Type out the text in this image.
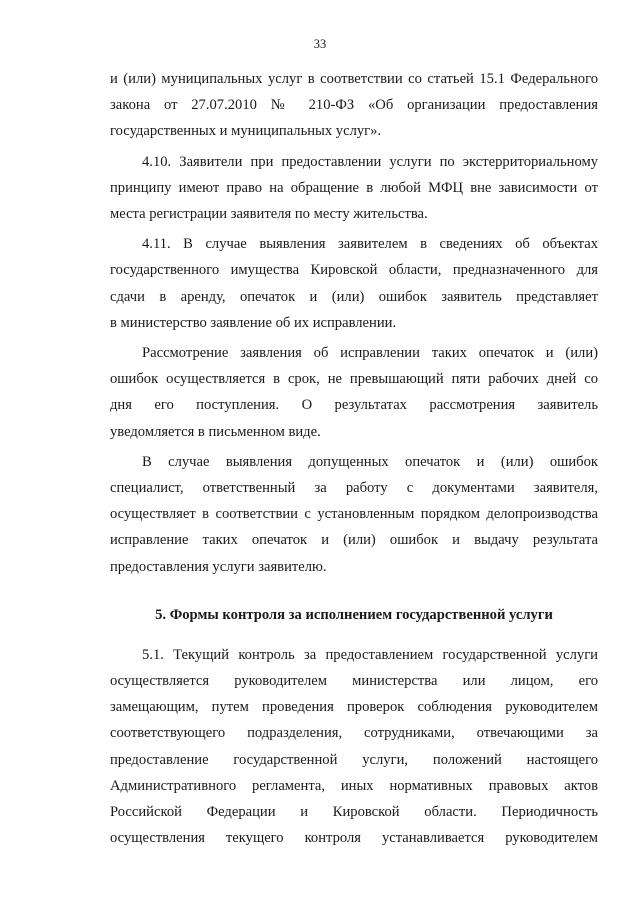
33
и (или) муниципальных услуг в соответствии со статьей 15.1 Федерального
закона от 27.07.2010 № 210-ФЗ «Об организации предоставления
государственных и муниципальных услуг».
4.10. Заявители при предоставлении услуги по экстерриториальному
принципу имеют право на обращение в любой МФЦ вне зависимости от
места регистрации заявителя по месту жительства.
4.11. В случае выявления заявителем в сведениях об объектах
государственного имущества Кировской области, предназначенного для
сдачи в аренду, опечаток и (или) ошибок заявитель представляет
в министерство заявление об их исправлении.
Рассмотрение заявления об исправлении таких опечаток и (или)
ошибок осуществляется в срок, не превышающий пяти рабочих дней со
дня его поступления. О результатах рассмотрения заявитель
уведомляется в письменном виде.
В случае выявления допущенных опечаток и (или) ошибок
специалист, ответственный за работу с документами заявителя,
осуществляет в соответствии с установленным порядком делопроизводства
исправление таких опечаток и (или) ошибок и выдачу результата
предоставления услуги заявителю.
5. Формы контроля за исполнением государственной услуги
5.1. Текущий контроль за предоставлением государственной услуги
осуществляется руководителем министерства или лицом, его
замещающим, путем проведения проверок соблюдения руководителем
соответствующего подразделения, сотрудниками, отвечающими за
предоставление государственной услуги, положений настоящего
Административного регламента, иных нормативных правовых актов
Российской Федерации и Кировской области. Периодичность
осуществления текущего контроля устанавливается руководителем
